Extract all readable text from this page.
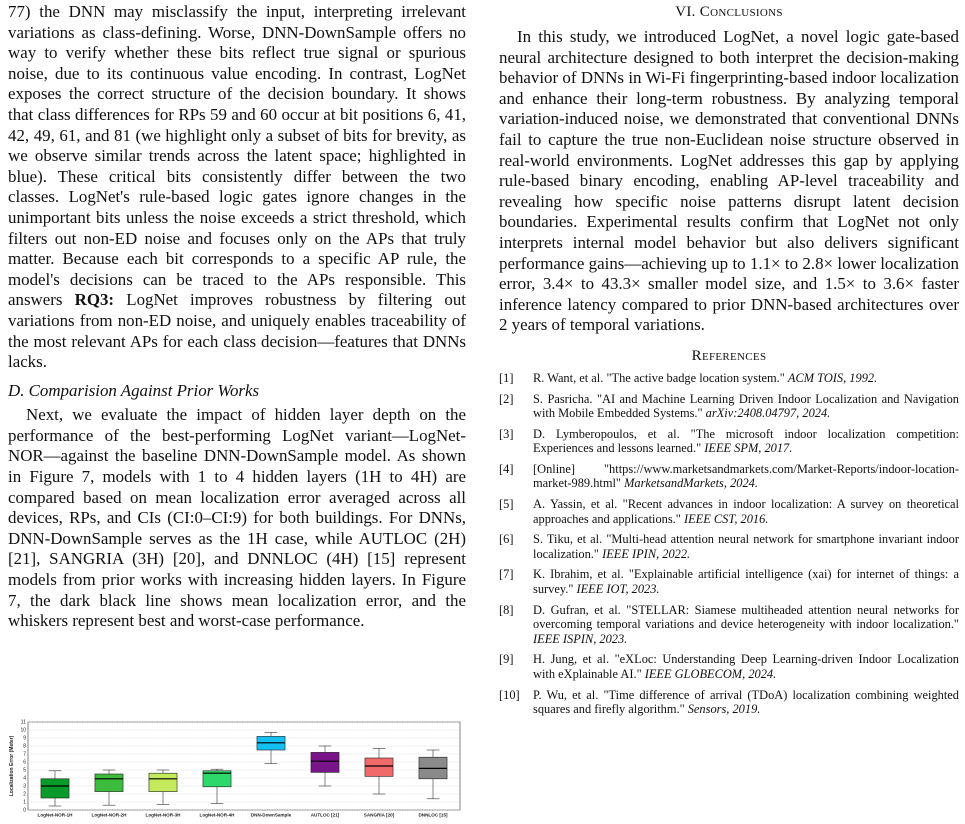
77) the DNN may misclassify the input, interpreting irrelevant variations as class-defining. Worse, DNN-DownSample offers no way to verify whether these bits reflect true signal or spurious noise, due to its continuous value encoding. In contrast, LogNet exposes the correct structure of the decision boundary. It shows that class differences for RPs 59 and 60 occur at bit positions 6, 41, 42, 49, 61, and 81 (we highlight only a subset of bits for brevity, as we observe similar trends across the latent space; highlighted in blue). These critical bits consistently differ between the two classes. LogNet's rule-based logic gates ignore changes in the unimportant bits unless the noise exceeds a strict threshold, which filters out non-ED noise and focuses only on the APs that truly matter. Because each bit corresponds to a specific AP rule, the model's decisions can be traced to the APs responsible. This answers RQ3: LogNet improves robustness by filtering out variations from non-ED noise, and uniquely enables traceability of the most relevant APs for each class decision—features that DNNs lacks.

D. Comparision Against Prior Works

Next, we evaluate the impact of hidden layer depth on the performance of the best-performing LogNet variant—LogNet-NOR—against the baseline DNN-DownSample model. As shown in Figure 7, models with 1 to 4 hidden layers (1H to 4H) are compared based on mean localization error averaged across all devices, RPs, and CIs (CI:0–CI:9) for both buildings. For DNNs, DNN-DownSample serves as the 1H case, while AUTLOC (2H) [21], SANGRIA (3H) [20], and DNNLOC (4H) [15] represent models from prior works with increasing hidden layers. In Figure 7, the dark black line shows mean localization error, and the whiskers represent best and worst-case performance.

0
1
2
3
4
5
6
7
8
9
10
11
Localization Error (Meter)
LogNet-NOR-1H	LogNet-NOR-2H	LogNet-NOR-3H	LogNet-NOR-4H	DNN-DownSample	AUTLOC [21]	SANGRIA [20]	DNNLOC [15]
VI. Conclusions

In this study, we introduced LogNet, a novel logic gate-based neural architecture designed to both interpret the decision-making behavior of DNNs in Wi-Fi fingerprinting-based indoor localization and enhance their long-term robustness. By analyzing temporal variation-induced noise, we demonstrated that conventional DNNs fail to capture the true non-Euclidean noise structure observed in real-world environments. LogNet addresses this gap by applying rule-based binary encoding, enabling AP-level traceability and revealing how specific noise patterns disrupt latent decision boundaries. Experimental results confirm that LogNet not only interprets internal model behavior but also delivers significant performance gains—achieving up to 1.1× to 2.8× lower localization error, 3.4× to 43.3× smaller model size, and 1.5× to 3.6× faster inference latency compared to prior DNN-based architectures over 2 years of temporal variations.

References
[1]	R. Want, et al. "The active badge location system." ACM TOIS, 1992.
[2]	S. Pasricha. "AI and Machine Learning Driven Indoor Localization and Navigation with Mobile Embedded Systems." arXiv:2408.04797, 2024.
[3]	D. Lymberopoulos, et al. "The microsoft indoor localization competition: Experiences and lessons learned." IEEE SPM, 2017.
[4]	[Online] "https://www.marketsandmarkets.com/Market-Reports/indoor-location-market-989.html" MarketsandMarkets, 2024.
[5]	A. Yassin, et al. "Recent advances in indoor localization: A survey on theoretical approaches and applications." IEEE CST, 2016.
[6]	S. Tiku, et al. "Multi-head attention neural network for smartphone invariant indoor localization." IEEE IPIN, 2022.
[7]	K. Ibrahim, et al. "Explainable artificial intelligence (xai) for internet of things: a survey." IEEE IOT, 2023.
[8]	D. Gufran, et al. "STELLAR: Siamese multiheaded attention neural networks for overcoming temporal variations and device heterogeneity with indoor localization." IEEE ISPIN, 2023.
[9]	H. Jung, et al. "eXLoc: Understanding Deep Learning-driven Indoor Localization with eXplainable AI." IEEE GLOBECOM, 2024.
[10]	P. Wu, et al. "Time difference of arrival (TDoA) localization combining weighted squares and firefly algorithm." Sensors, 2019.
